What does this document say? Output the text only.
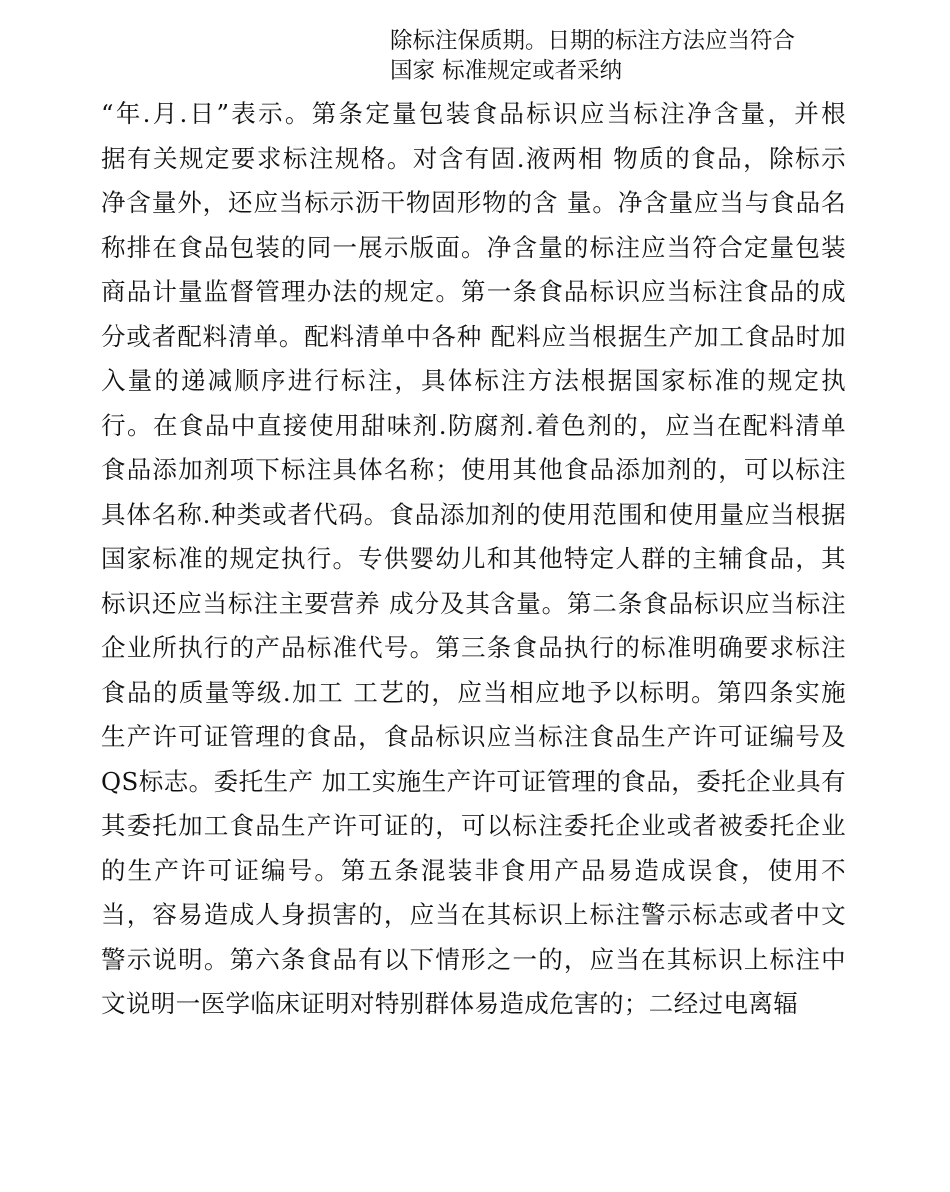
除标注保质期。日期的标注方法应当符合
国家 标准规定或者采纳
“年.月.日”表示。第条定量包装食品标识应当标注净含量，并根
据有关规定要求标注规格。对含有固.液两相 物质的食品，除标示
净含量外，还应当标示沥干物固形物的含 量。净含量应当与食品名
称排在食品包装的同一展示版面。净含量的标注应当符合定量包装
商品计量监督管理办法的规定。第一条食品标识应当标注食品的成
分或者配料清单。配料清单中各种 配料应当根据生产加工食品时加
入量的递减顺序进行标注，具体标注方法根据国家标准的规定执
行。在食品中直接使用甜味剂.防腐剂.着色剂的，应当在配料清单
食品添加剂项下标注具体名称；使用其他食品添加剂的，可以标注
具体名称.种类或者代码。食品添加剂的使用范围和使用量应当根据
国家标准的规定执行。专供婴幼儿和其他特定人群的主辅食品，其
标识还应当标注主要营养 成分及其含量。第二条食品标识应当标注
企业所执行的产品标准代号。第三条食品执行的标准明确要求标注
食品的质量等级.加工 工艺的，应当相应地予以标明。第四条实施
生产许可证管理的食品，食品标识应当标注食品生产许可证编号及
QS标志。委托生产 加工实施生产许可证管理的食品，委托企业具有
其委托加工食品生产许可证的，可以标注委托企业或者被委托企业
的生产许可证编号。第五条混装非食用产品易造成误食，使用不
当，容易造成人身损害的，应当在其标识上标注警示标志或者中文
警示说明。第六条食品有以下情形之一的，应当在其标识上标注中
文说明一医学临床证明对特别群体易造成危害的；二经过电离辐
